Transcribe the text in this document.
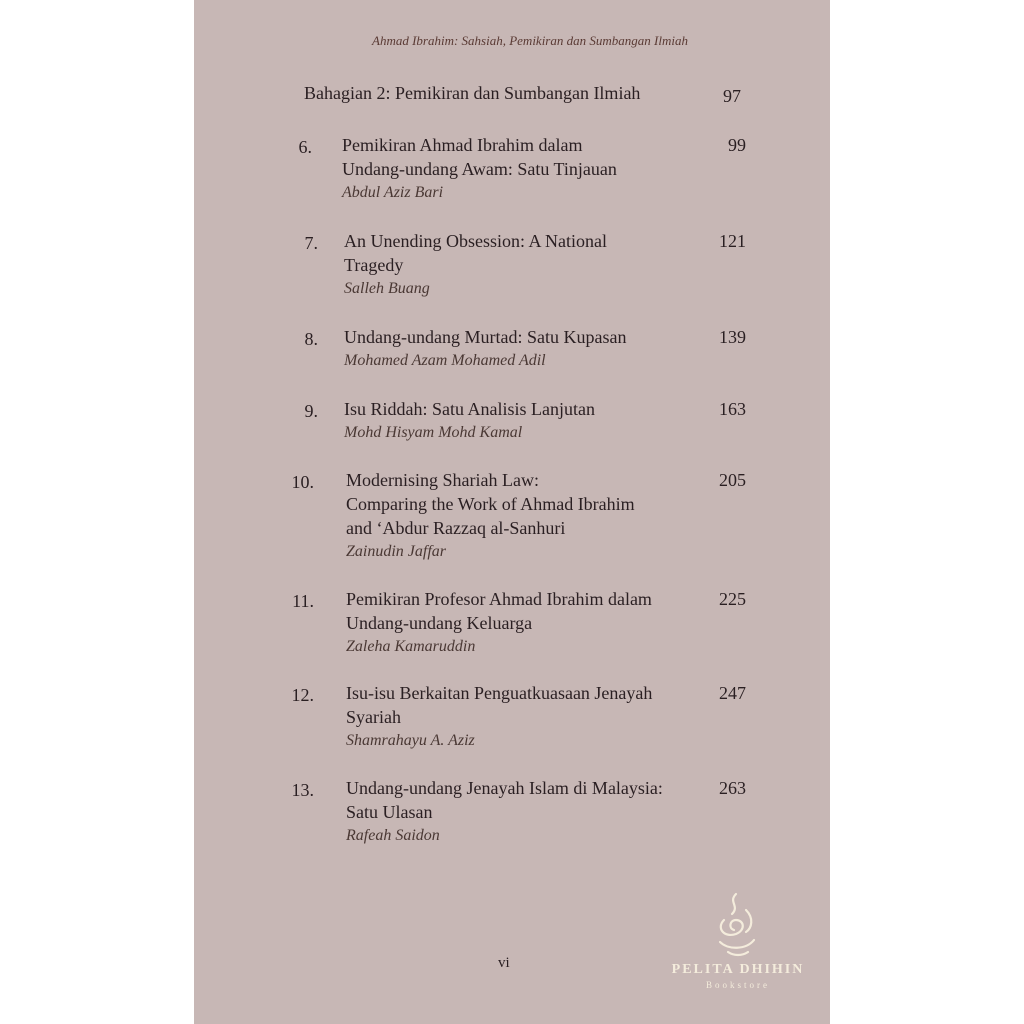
Ahmad Ibrahim: Sahsiah, Pemikiran dan Sumbangan Ilmiah
Bahagian 2: Pemikiran dan Sumbangan Ilmiah	97
6. Pemikiran Ahmad Ibrahim dalam
Undang-undang Awam: Satu Tinjauan
Abdul Aziz Bari
99
7. An Unending Obsession: A National
Tragedy
Salleh Buang
121
8. Undang-undang Murtad: Satu Kupasan
Mohamed Azam Mohamed Adil
139
9. Isu Riddah: Satu Analisis Lanjutan
Mohd Hisyam Mohd Kamal
163
10. Modernising Shariah Law:
Comparing the Work of Ahmad Ibrahim
and ‘Abdur Razzaq al-Sanhuri
Zainudin Jaffar
205
11. Pemikiran Profesor Ahmad Ibrahim dalam
Undang-undang Keluarga
Zaleha Kamaruddin
225
12. Isu-isu Berkaitan Penguatkuasaan Jenayah
Syariah
Shamrahayu A. Aziz
247
13. Undang-undang Jenayah Islam di Malaysia:
Satu Ulasan
Rafeah Saidon
263
vi	PELITA DHIHIN
Bookstore
